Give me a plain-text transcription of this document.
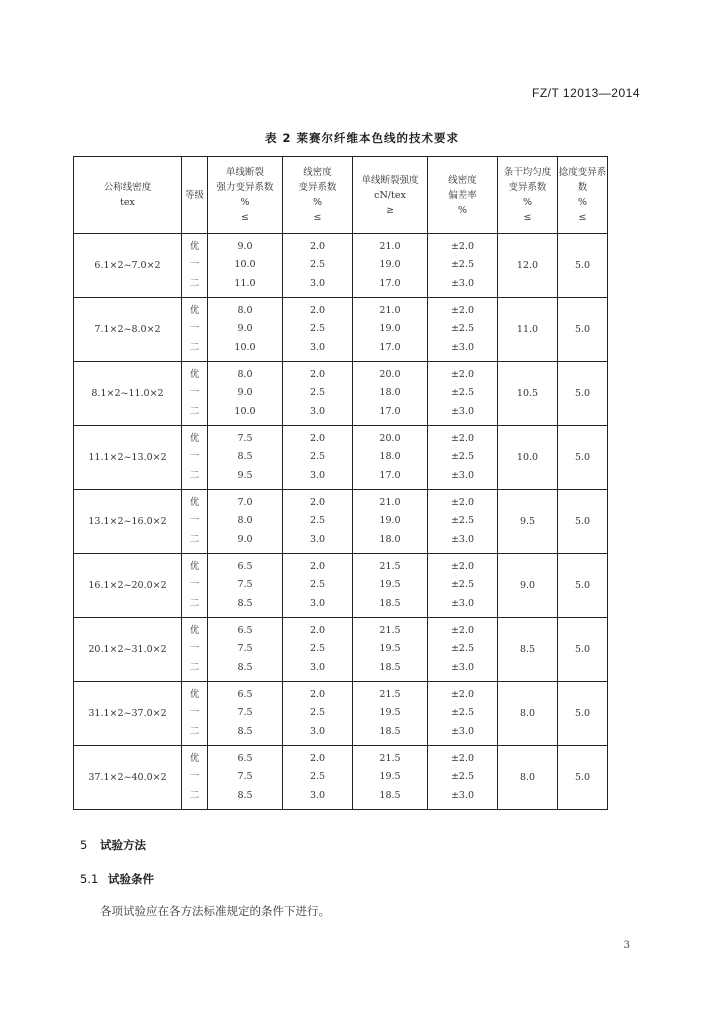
FZ/T 12013—2014
表 2 莱赛尔纤维本色线的技术要求
公称线密度
tex	等级	单线断裂
强力变异系数
%
≤	线密度
变异系数
%
≤	单线断裂强度
cN/tex
≥	线密度
偏差率
%	条干均匀度
变异系数
%
≤	捻度变异系数
%
≤
6.1×2~7.0×2	优
一
二	9.0
10.0
11.0	2.0
2.5
3.0	21.0
19.0
17.0	±2.0
±2.5
±3.0	12.0	5.0
7.1×2~8.0×2	优
一
二	8.0
9.0
10.0	2.0
2.5
3.0	21.0
19.0
17.0	±2.0
±2.5
±3.0	11.0	5.0
8.1×2~11.0×2	优
一
二	8.0
9.0
10.0	2.0
2.5
3.0	20.0
18.0
17.0	±2.0
±2.5
±3.0	10.5	5.0
11.1×2~13.0×2	优
一
二	7.5
8.5
9.5	2.0
2.5
3.0	20.0
18.0
17.0	±2.0
±2.5
±3.0	10.0	5.0
13.1×2~16.0×2	优
一
二	7.0
8.0
9.0	2.0
2.5
3.0	21.0
19.0
18.0	±2.0
±2.5
±3.0	9.5	5.0
16.1×2~20.0×2	优
一
二	6.5
7.5
8.5	2.0
2.5
3.0	21.5
19.5
18.5	±2.0
±2.5
±3.0	9.0	5.0
20.1×2~31.0×2	优
一
二	6.5
7.5
8.5	2.0
2.5
3.0	21.5
19.5
18.5	±2.0
±2.5
±3.0	8.5	5.0
31.1×2~37.0×2	优
一
二	6.5
7.5
8.5	2.0
2.5
3.0	21.5
19.5
18.5	±2.0
±2.5
±3.0	8.0	5.0
37.1×2~40.0×2	优
一
二	6.5
7.5
8.5	2.0
2.5
3.0	21.5
19.5
18.5	±2.0
±2.5
±3.0	8.0	5.0
5 试验方法
5.1 试验条件
各项试验应在各方法标准规定的条件下进行。
3
